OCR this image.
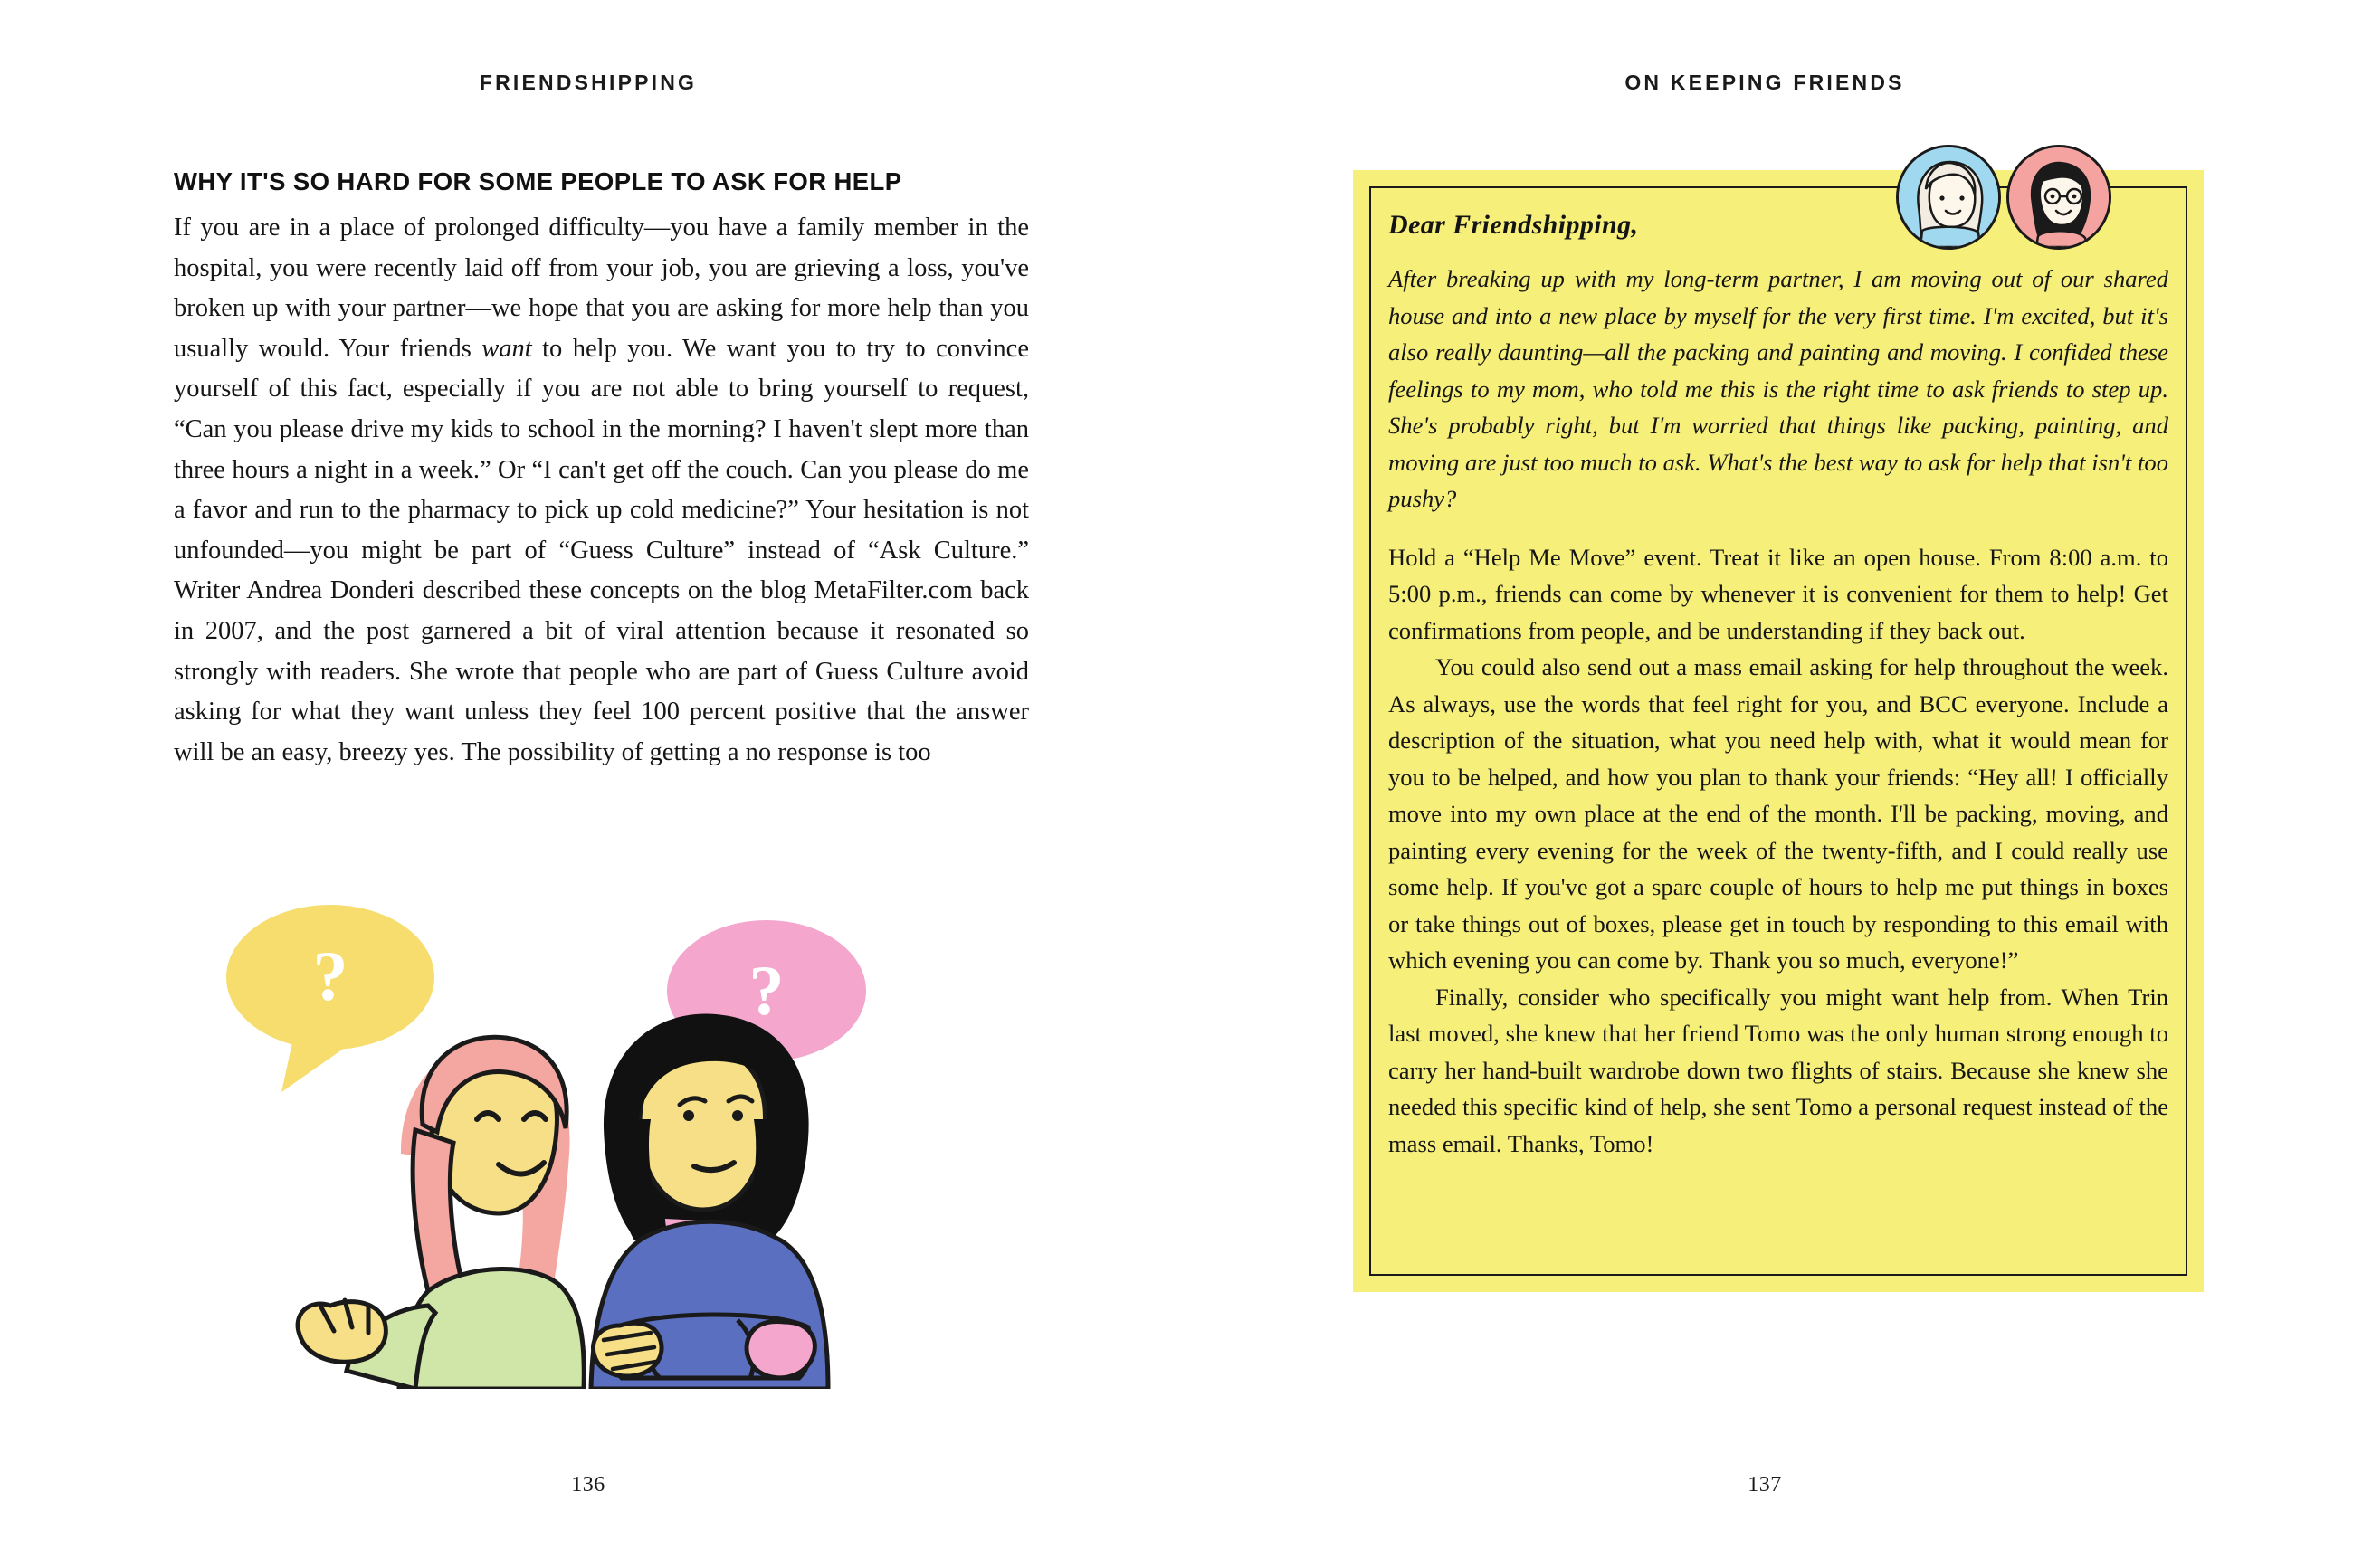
FRIENDSHIPPING
WHY IT'S SO HARD FOR SOME PEOPLE TO ASK FOR HELP

If you are in a place of prolonged difficulty—you have a family member in the hospital, you were recently laid off from your job, you are grieving a loss, you've broken up with your partner—we hope that you are asking for more help than you usually would. Your friends want to help you. We want you to try to convince yourself of this fact, especially if you are not able to bring yourself to request, “Can you please drive my kids to school in the morning? I haven't slept more than three hours a night in a week.” Or “I can't get off the couch. Can you please do me a favor and run to the pharmacy to pick up cold medicine?” Your hesitation is not unfounded—you might be part of “Guess Culture” instead of “Ask Culture.” Writer Andrea Donderi described these concepts on the blog MetaFilter.com back in 2007, and the post garnered a bit of viral attention because it resonated so strongly with readers. She wrote that people who are part of Guess Culture avoid asking for what they want unless they feel 100 percent positive that the answer will be an easy, breezy yes. The possibility of getting a no response is too

?	?
136
ON KEEPING FRIENDS
137
Dear Friendshipping,

After breaking up with my long-term partner, I am moving out of our shared house and into a new place by myself for the very first time. I'm excited, but it's also really daunting—all the packing and painting and moving. I confided these feelings to my mom, who told me this is the right time to ask friends to step up. She's probably right, but I'm worried that things like packing, painting, and moving are just too much to ask. What's the best way to ask for help that isn't too pushy?

Hold a “Help Me Move” event. Treat it like an open house. From 8:00 a.m. to 5:00 p.m., friends can come by whenever it is convenient for them to help! Get confirmations from people, and be understanding if they back out.

You could also send out a mass email asking for help throughout the week. As always, use the words that feel right for you, and BCC everyone. Include a description of the situation, what you need help with, what it would mean for you to be helped, and how you plan to thank your friends: “Hey all! I officially move into my own place at the end of the month. I'll be packing, moving, and painting every evening for the week of the twenty-fifth, and I could really use some help. If you've got a spare couple of hours to help me put things in boxes or take things out of boxes, please get in touch by responding to this email with which evening you can come by. Thank you so much, everyone!”

Finally, consider who specifically you might want help from. When Trin last moved, she knew that her friend Tomo was the only human strong enough to carry her hand-built wardrobe down two flights of stairs. Because she knew she needed this specific kind of help, she sent Tomo a personal request instead of the mass email. Thanks, Tomo!
